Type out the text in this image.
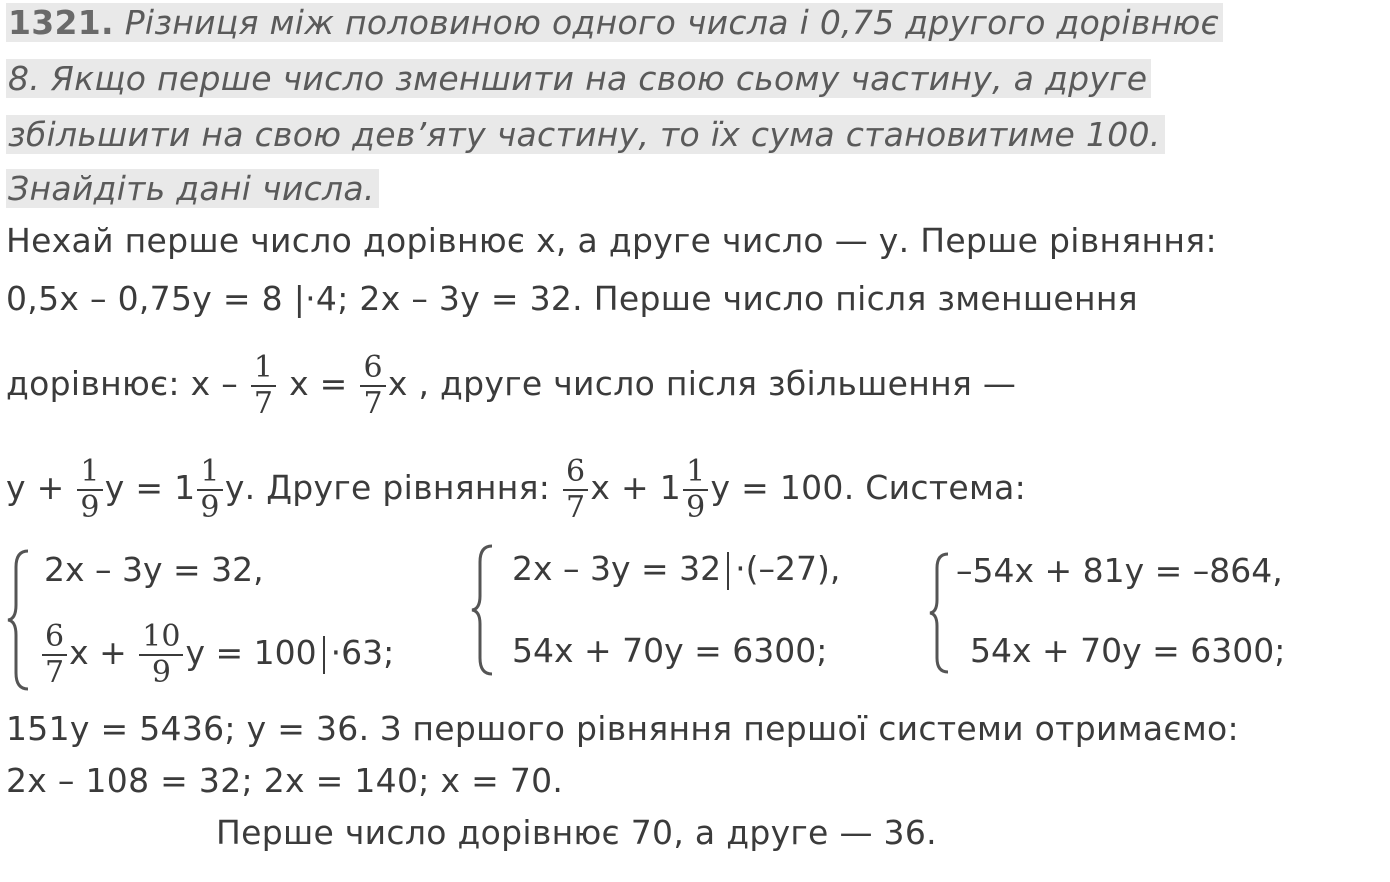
1321. Різниця між половиною одного числа і 0,75 другого дорівнює
8. Якщо перше число зменшити на свою сьому частину, а друге
збільшити на свою дев’яту частину, то їх сума становитиме 100.
Знайдіть дані числа.
Нехай перше число дорівнює х, а друге число — у. Перше рівняння:
0,5х – 0,75у = 8 |·4; 2х – 3у = 32. Перше число після зменшення
дорівнює: х – $\frac{1}{7}$ $х = \frac{6}{7}$ х , друге число після збільшення —
$у + \frac{1}{9}$ $у = 1 \frac{1}{9} у$. Друге рівняння: $\frac{6}{7}$ $х + 1 \frac{1}{9}$ у = 100. Система:
2х – 3у = 32,
$\frac{6}{7}$ $х + \frac{10}{9}$ у = 100 ·63;
2х – 3у = 32 ·(–27),
54х + 70у = 6300;
–54х + 81у = –864,
54х + 70у = 6300;
151у = 5436; у = 36. З першого рівняння першої системи отримаємо:
2х – 108 = 32; 2х = 140; х = 70.
Перше число дорівнює 70, а друге — 36.
